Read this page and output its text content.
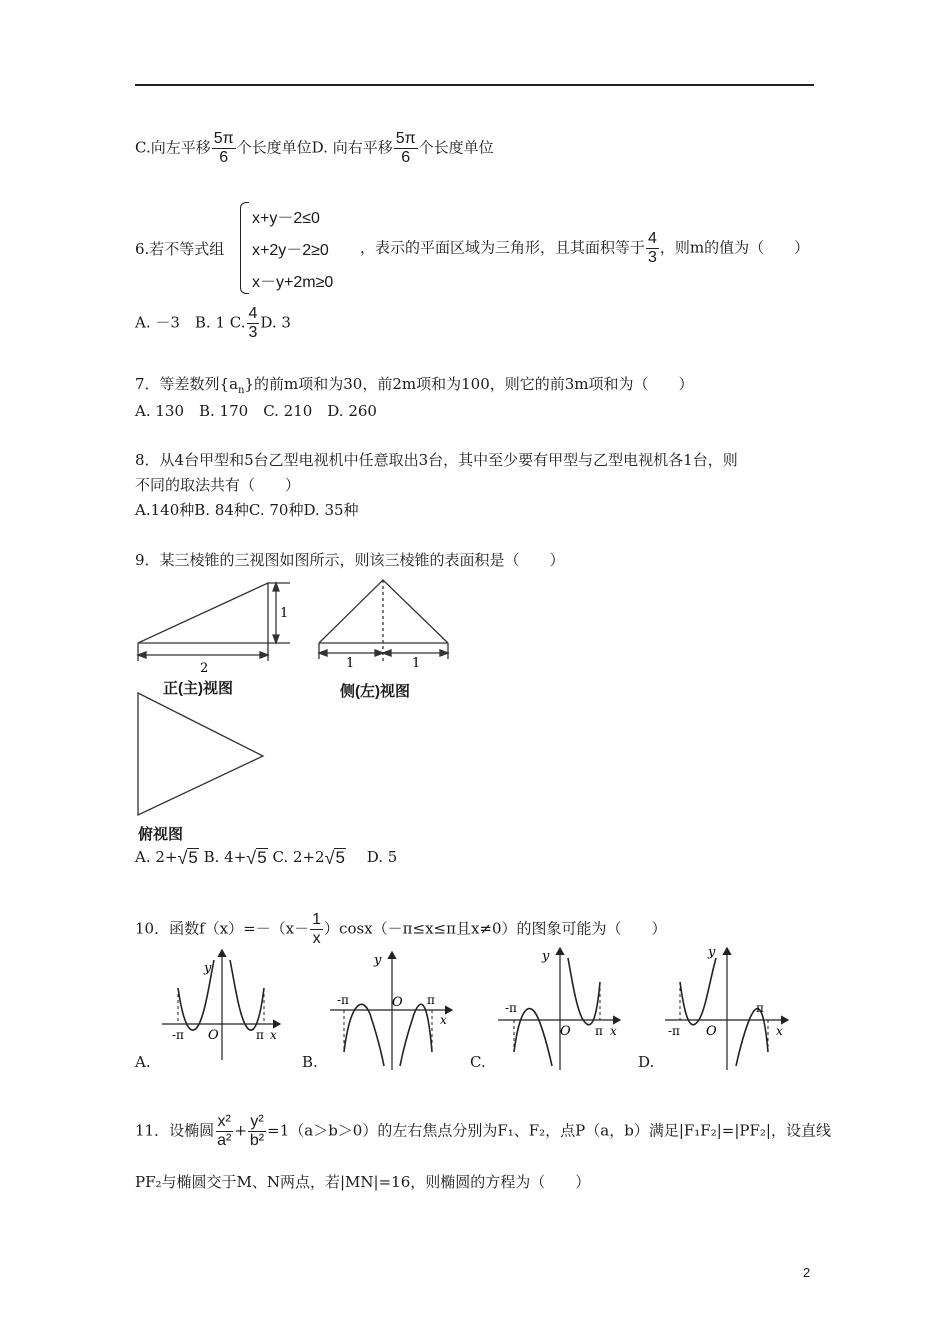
C.向左平移 $\frac{5\pi}{6}$ 个长度单位D. 向右平移 $\frac{5\pi}{6}$ 个长度单位
6.若不等式组
x+y－2≤0
x+2y－2≥0
x－y+2m≥0
，表示的平面区域为三角形，且其面积等于 $\frac{4}{3}$ ，则m的值为（　　）
A. －3　B. 1 C. $\frac{4}{3} D$. 3
7．等差数列$\{a_n\}$的前m项和为30，前2m项和为100，则它的前3m项和为（　　）
A. 130　B. 170　C. 210　D. 260
8．从4台甲型和5台乙型电视机中任意取出3台，其中至少要有甲型与乙型电视机各1台，则
不同的取法共有（　　）
A.140种B. 84种C. 70种D. 35种
9．某三棱锥的三视图如图所示，则该三棱锥的表面积是（　　）
1
2	1	1
正(主)视图	侧(左)视图
俯视图
A. 2+ √ 5 B. 4+ √ 5 C. 2+2 √ 5 D. 5
10．函数$f(x)=-(x- \frac{1}{x} )\cos x(-\pi\le x\le\pi$且x≠0）的图象可能为（　　）
y
x
O
-π	π
y
x
O
-π	π
y
x
O
-π
π
y
x
O
-π
π
A.	B.	C.	D.
11．设椭圆 $\frac{\text{x²}}{\text{a²}} + \frac{\text{y²}}{\text{b²}} =1(a>b>0)$的左右焦点分别为F₁、F₂，点P（a，b）满足|F₁F₂|=|PF₂|，设直线
PF₂与椭圆交于M、N两点，若|MN|=16，则椭圆的方程为（　　）
2
